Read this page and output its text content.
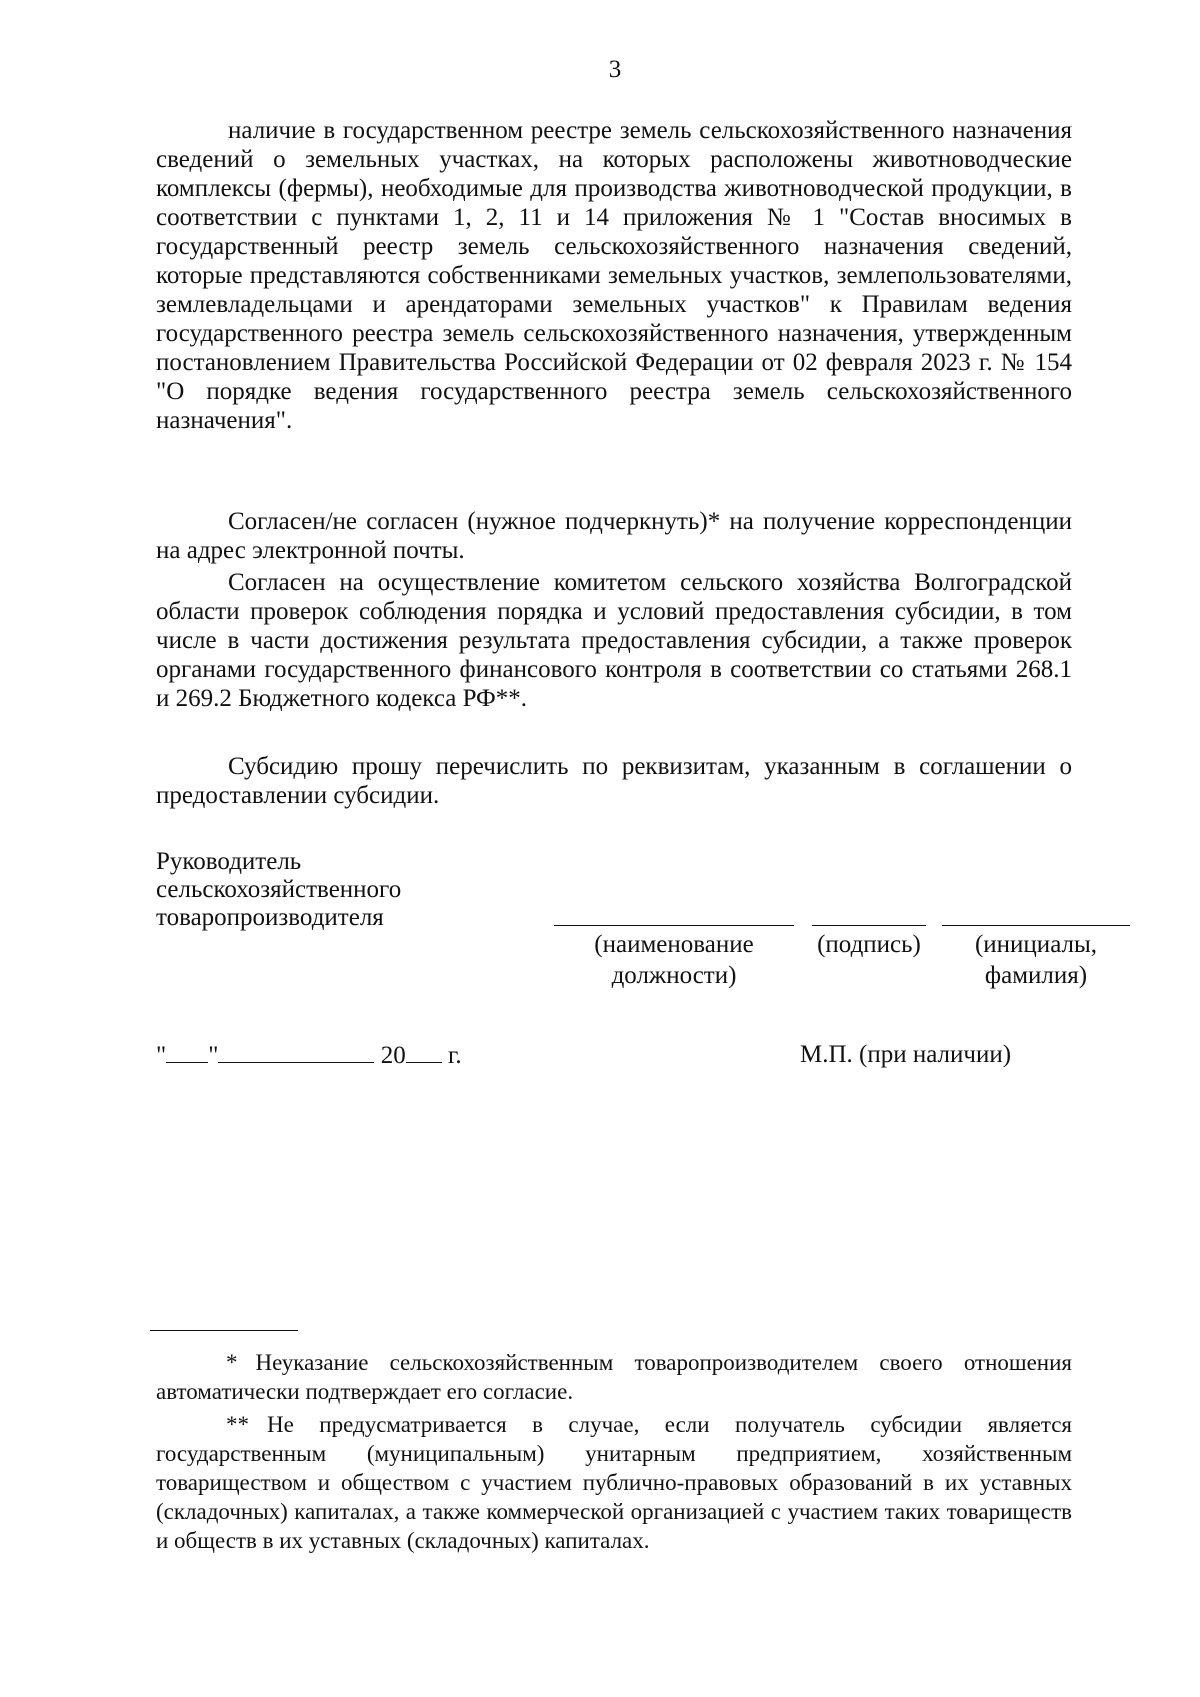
3

наличие в государственном реестре земель сельскохозяйственного назначения сведений о земельных участках, на которых расположены животноводческие комплексы (фермы), необходимые для производства животноводческой продукции, в соответствии с пунктами 1, 2, 11 и 14 приложения № 1 "Состав вносимых в государственный реестр земель сельскохозяйственного назначения сведений, которые представляются собственниками земельных участков, землепользователями, землевладельцами и арендаторами земельных участков" к Правилам ведения государственного реестра земель сельскохозяйственного назначения, утвержденным постановлением Правительства Российской Федерации от 02 февраля 2023 г. № 154 "О порядке ведения государственного реестра земель сельскохозяйственного назначения".

Согласен/не согласен (нужное подчеркнуть)* на получение корреспонденции на адрес электронной почты.

Согласен на осуществление комитетом сельского хозяйства Волгоградской области проверок соблюдения порядка и условий предоставления субсидии, в том числе в части достижения результата предоставления субсидии, а также проверок органами государственного финансового контроля в соответствии со статьями 268.1 и 269.2 Бюджетного кодекса РФ**.

Субсидию прошу перечислить по реквизитам, указанным в соглашении о предоставлении субсидии.

Руководитель
сельскохозяйственного
товаропроизводителя
(наименование должности)
(подпись)	(инициалы,
фамилия)
" "	20 г.	М.П. (при наличии)

* Неуказание сельскохозяйственным товаропроизводителем своего отношения автоматически подтверждает его согласие.

** Не предусматривается в случае, если получатель субсидии является государственным (муниципальным) унитарным предприятием, хозяйственным товариществом и обществом с участием публично-правовых образований в их уставных (складочных) капиталах, а также коммерческой организацией с участием таких товариществ и обществ в их уставных (складочных) капиталах.
